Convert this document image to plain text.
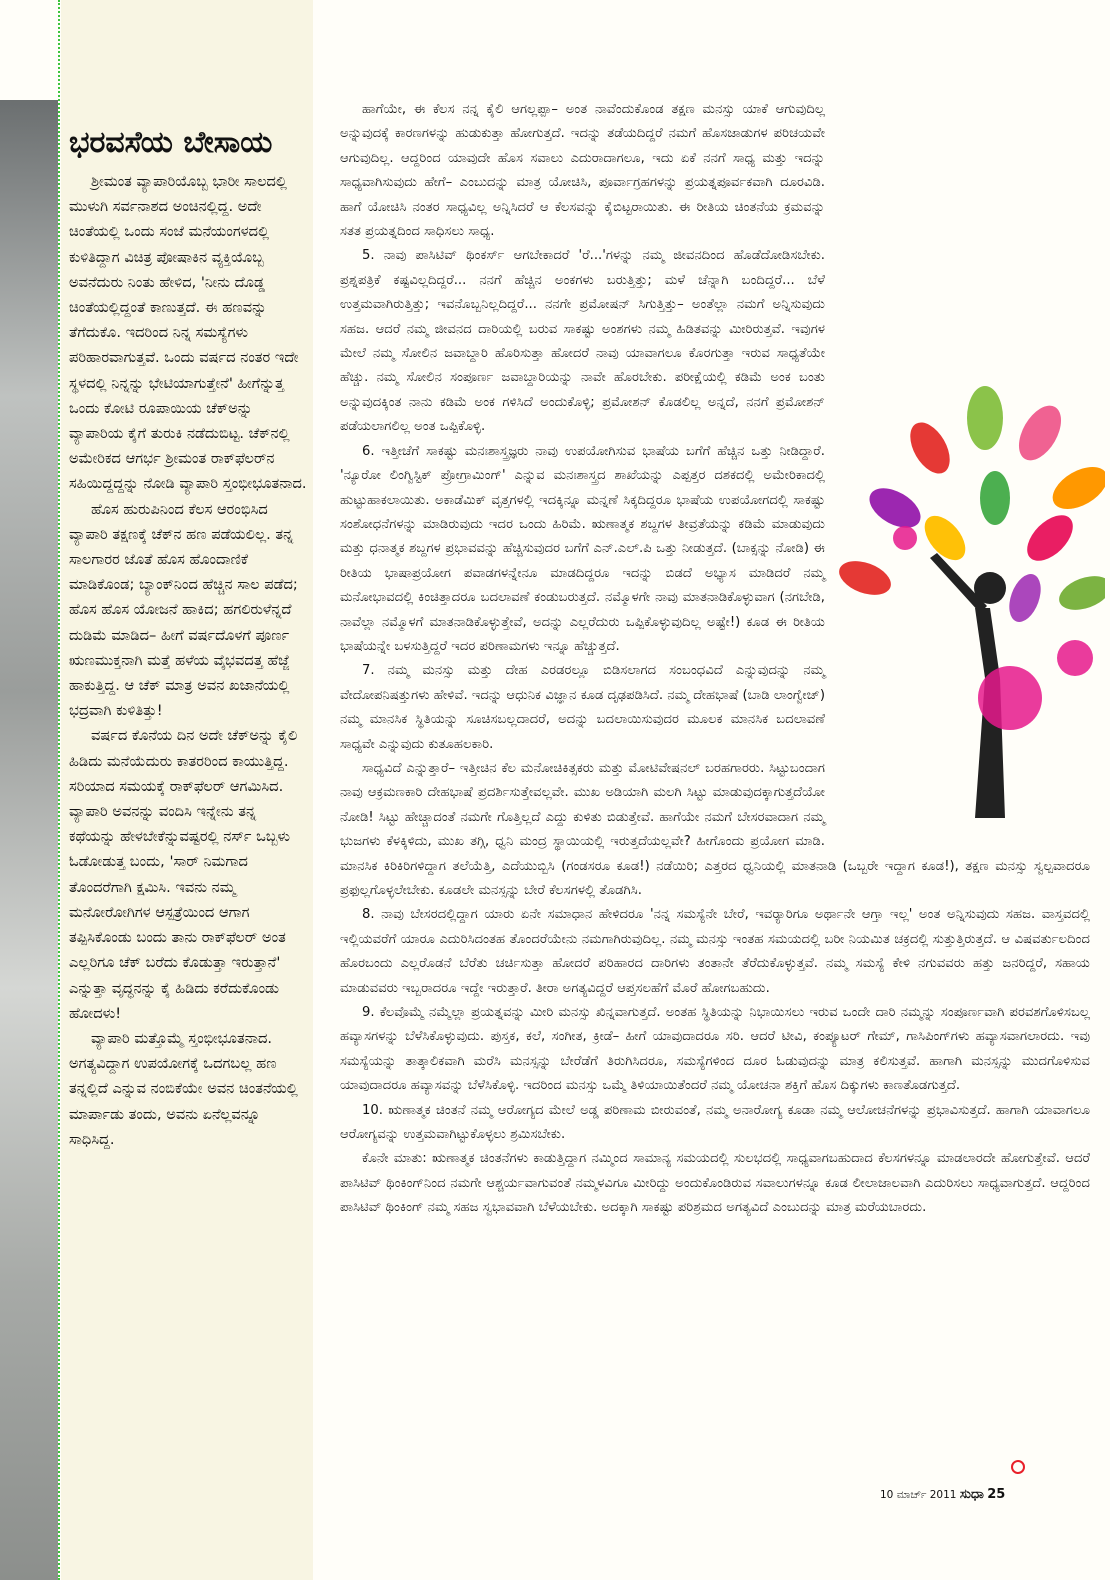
ಭರವಸೆಯ ಬೇಸಾಯ

ಶ್ರೀಮಂತ ವ್ಯಾಪಾರಿಯೊಬ್ಬ ಭಾರೀ ಸಾಲದಲ್ಲಿ ಮುಳುಗಿ ಸರ್ವನಾಶದ ಅಂಚಿನಲ್ಲಿದ್ದ. ಅದೇ ಚಿಂತೆಯಲ್ಲಿ ಒಂದು ಸಂಜೆ ಮನೆಯಂಗಳದಲ್ಲಿ ಕುಳಿತಿದ್ದಾಗ ವಿಚಿತ್ರ ಪೋಷಾಕಿನ ವ್ಯಕ್ತಿಯೊಬ್ಬ ಅವನೆದುರು ನಿಂತು ಹೇಳಿದ, 'ನೀನು ದೊಡ್ಡ ಚಿಂತೆಯಲ್ಲಿದ್ದಂತೆ ಕಾಣುತ್ತದೆ. ಈ ಹಣವನ್ನು ತೆಗೆದುಕೊ. ಇದರಿಂದ ನಿನ್ನ ಸಮಸ್ಯೆಗಳು ಪರಿಹಾರವಾಗುತ್ತವೆ. ಒಂದು ವರ್ಷದ ನಂತರ ಇದೇ ಸ್ಥಳದಲ್ಲಿ ನಿನ್ನನ್ನು ಭೇಟಿಯಾಗುತ್ತೇನೆ' ಹೀಗೆನ್ನುತ್ತ ಒಂದು ಕೋಟಿ ರೂಪಾಯಿಯ ಚೆಕ್‌ಅನ್ನು ವ್ಯಾಪಾರಿಯ ಕೈಗೆ ತುರುಕಿ ನಡೆದುಬಿಟ್ಟ. ಚೆಕ್‌ನಲ್ಲಿ ಅಮೇರಿಕದ ಆಗರ್ಭ ಶ್ರೀಮಂತ ರಾಕ್‌ಫೆಲರ್‌ನ ಸಹಿಯಿದ್ದದ್ದನ್ನು ನೋಡಿ ವ್ಯಾಪಾರಿ ಸ್ತಂಭೀಭೂತನಾದ.

ಹೊಸ ಹುರುಪಿನಿಂದ ಕೆಲಸ ಆರಂಭಿಸಿದ ವ್ಯಾಪಾರಿ ತಕ್ಷಣಕ್ಕೆ ಚೆಕ್‌ನ ಹಣ ಪಡೆಯಲಿಲ್ಲ. ತನ್ನ ಸಾಲಗಾರರ ಜೊತೆ ಹೊಸ ಹೊಂದಾಣಿಕೆ ಮಾಡಿಕೊಂಡ; ಬ್ಯಾಂಕ್‌ನಿಂದ ಹೆಚ್ಚಿನ ಸಾಲ ಪಡೆದ; ಹೊಸ ಹೊಸ ಯೋಜನೆ ಹಾಕಿದ; ಹಗಲಿರುಳೆನ್ನದೆ ದುಡಿಮೆ ಮಾಡಿದ– ಹೀಗೆ ವರ್ಷದೊಳಗೆ ಪೂರ್ಣ ಋಣಮುಕ್ತನಾಗಿ ಮತ್ತೆ ಹಳೆಯ ವೈಭವದತ್ತ ಹೆಜ್ಜೆ ಹಾಕುತ್ತಿದ್ದ. ಆ ಚೆಕ್ ಮಾತ್ರ ಅವನ ಖಜಾನೆಯಲ್ಲಿ ಭದ್ರವಾಗಿ ಕುಳಿತಿತ್ತು!

ವರ್ಷದ ಕೊನೆಯ ದಿನ ಅದೇ ಚೆಕ್‌ಅನ್ನು ಕೈಲಿ ಹಿಡಿದು ಮನೆಯೆದುರು ಕಾತರರಿಂದ ಕಾಯುತ್ತಿದ್ದ. ಸರಿಯಾದ ಸಮಯಕ್ಕೆ ರಾಕ್‌ಫೆಲರ್ ಆಗಮಿಸಿದ. ವ್ಯಾಪಾರಿ ಅವನನ್ನು ವಂದಿಸಿ ಇನ್ನೇನು ತನ್ನ ಕಥೆಯನ್ನು ಹೇಳಬೇಕೆನ್ನುವಷ್ಟರಲ್ಲಿ ನರ್ಸ್ ಒಬ್ಬಳು ಓಡೋಡುತ್ತ ಬಂದು, 'ಸಾರ್ ನಿಮಗಾದ ತೊಂದರೆಗಾಗಿ ಕ್ಷಮಿಸಿ. ಇವನು ನಮ್ಮ ಮನೋರೋಗಿಗಳ ಆಸ್ಪತ್ರೆಯಿಂದ ಆಗಾಗ ತಪ್ಪಿಸಿಕೊಂಡು ಬಂದು ತಾನು ರಾಕ್‌ಫೆಲರ್ ಅಂತ ಎಲ್ಲರಿಗೂ ಚೆಕ್ ಬರೆದು ಕೊಡುತ್ತಾ ಇರುತ್ತಾನೆ' ಎನ್ನುತ್ತಾ ವೃದ್ಧನನ್ನು ಕೈ ಹಿಡಿದು ಕರೆದುಕೊಂಡು ಹೋದಳು!

ವ್ಯಾಪಾರಿ ಮತ್ತೊಮ್ಮೆ ಸ್ತಂಭೀಭೂತನಾದ. ಅಗತ್ಯವಿದ್ದಾಗ ಉಪಯೋಗಕ್ಕೆ ಒದಗಬಲ್ಲ ಹಣ ತನ್ನಲ್ಲಿದೆ ಎನ್ನುವ ನಂಬಿಕೆಯೇ ಅವನ ಚಿಂತನೆಯಲ್ಲಿ ಮಾರ್ಪಾಡು ತಂದು, ಅವನು ಏನೆಲ್ಲವನ್ನೂ ಸಾಧಿಸಿದ್ದ.

ಹಾಗೆಯೇ, ಈ ಕೆಲಸ ನನ್ನ ಕೈಲಿ ಆಗಲ್ಲಪ್ಪಾ– ಅಂತ ನಾವೆಂದುಕೊಂಡ ತಕ್ಷಣ ಮನಸ್ಸು ಯಾಕೆ ಆಗುವುದಿಲ್ಲ ಅನ್ನುವುದಕ್ಕೆ ಕಾರಣಗಳನ್ನು ಹುಡುಕುತ್ತಾ ಹೋಗುತ್ತದೆ. ಇದನ್ನು ತಡೆಯದಿದ್ದರೆ ನಮಗೆ ಹೊಸಜಾಡುಗಳ ಪರಿಚಯವೇ ಆಗುವುದಿಲ್ಲ. ಆದ್ದರಿಂದ ಯಾವುದೇ ಹೊಸ ಸವಾಲು ಎದುರಾದಾಗಲೂ, ಇದು ಏಕೆ ನನಗೆ ಸಾಧ್ಯ ಮತ್ತು ಇದನ್ನು ಸಾಧ್ಯವಾಗಿಸುವುದು ಹೇಗೆ– ಎಂಬುದನ್ನು ಮಾತ್ರ ಯೋಚಿಸಿ, ಪೂರ್ವಾಗ್ರಹಗಳನ್ನು ಪ್ರಯತ್ನಪೂರ್ವಕವಾಗಿ ದೂರವಿಡಿ. ಹಾಗೆ ಯೋಚಿಸಿ ನಂತರ ಸಾಧ್ಯವಿಲ್ಲ ಅನ್ನಿಸಿದರೆ ಆ ಕೆಲಸವನ್ನು ಕೈಬಿಟ್ಟರಾಯಿತು. ಈ ರೀತಿಯ ಚಿಂತನೆಯ ಕ್ರಮವನ್ನು ಸತತ ಪ್ರಯತ್ನದಿಂದ ಸಾಧಿಸಲು ಸಾಧ್ಯ.

5. ನಾವು ಪಾಸಿಟಿವ್ ಥಿಂಕರ್ಸ್ ಆಗಬೇಕಾದರೆ 'ರೆ...'ಗಳನ್ನು ನಮ್ಮ ಜೀವನದಿಂದ ಹೊಡೆದೋಡಿಸಬೇಕು. ಪ್ರಶ್ನಪತ್ರಿಕೆ ಕಷ್ಟವಿಲ್ಲದಿದ್ದರೆ... ನನಗೆ ಹೆಚ್ಚಿನ ಅಂಕಗಳು ಬರುತ್ತಿತ್ತು; ಮಳೆ ಚೆನ್ನಾಗಿ ಬಂದಿದ್ದರೆ... ಬೆಳೆ ಉತ್ತಮವಾಗಿರುತ್ತಿತ್ತು; ಇವನೊಬ್ಬನಿಲ್ಲದಿದ್ದರೆ... ನನಗೇ ಪ್ರಮೋಷನ್ ಸಿಗುತ್ತಿತ್ತು– ಅಂತೆಲ್ಲಾ ನಮಗೆ ಅನ್ನಿಸುವುದು ಸಹಜ. ಆದರೆ ನಮ್ಮ ಜೀವನದ ದಾರಿಯಲ್ಲಿ ಬರುವ ಸಾಕಷ್ಟು ಅಂಶಗಳು ನಮ್ಮ ಹಿಡಿತವನ್ನು ಮೀರಿರುತ್ತವೆ. ಇವುಗಳ ಮೇಲೆ ನಮ್ಮ ಸೋಲಿನ ಜವಾಬ್ದಾರಿ ಹೊರಿಸುತ್ತಾ ಹೋದರೆ ನಾವು ಯಾವಾಗಲೂ ಕೊರಗುತ್ತಾ ಇರುವ ಸಾಧ್ಯತೆಯೇ ಹೆಚ್ಚು. ನಮ್ಮ ಸೋಲಿನ ಸಂಪೂರ್ಣ ಜವಾಬ್ದಾರಿಯನ್ನು ನಾವೇ ಹೊರಬೇಕು. ಪರೀಕ್ಷೆಯಲ್ಲಿ ಕಡಿಮೆ ಅಂಕ ಬಂತು ಅನ್ನುವುದಕ್ಕಿಂತ ನಾನು ಕಡಿಮೆ ಅಂಕ ಗಳಿಸಿದೆ ಅಂದುಕೊಳ್ಳಿ; ಪ್ರಮೋಶನ್ ಕೊಡಲಿಲ್ಲ ಅನ್ನದೆ, ನನಗೆ ಪ್ರಮೋಶನ್ ಪಡೆಯಲಾಗಲಿಲ್ಲ ಅಂತ ಒಪ್ಪಿಕೊಳ್ಳಿ.

6. ಇತ್ತೀಚೆಗೆ ಸಾಕಷ್ಟು ಮನಃಶಾಸ್ತ್ರಜ್ಞರು ನಾವು ಉಪಯೋಗಿಸುವ ಭಾಷೆಯ ಬಗೆಗೆ ಹೆಚ್ಚಿನ ಒತ್ತು ನೀಡಿದ್ದಾರೆ. 'ನ್ಯೂರೋ ಲಿಂಗ್ವಿಸ್ಟಿಕ್ ಪ್ರೋಗ್ರಾಮಿಂಗ್' ಎನ್ನುವ ಮನಃಶಾಸ್ತ್ರದ ಶಾಖೆಯನ್ನು ಎಪ್ಪತ್ತರ ದಶಕದಲ್ಲಿ ಅಮೇರಿಕಾದಲ್ಲಿ ಹುಟ್ಟುಹಾಕಲಾಯಿತು. ಅಕಾಡೆಮಿಕ್ ವೃತ್ತಗಳಲ್ಲಿ ಇದಕ್ಕಿನ್ನೂ ಮನ್ನಣೆ ಸಿಕ್ಕದಿದ್ದರೂ ಭಾಷೆಯ ಉಪಯೋಗದಲ್ಲಿ ಸಾಕಷ್ಟು ಸಂಶೋಧನೆಗಳನ್ನು ಮಾಡಿರುವುದು ಇದರ ಒಂದು ಹಿರಿಮೆ. ಋಣಾತ್ಮಕ ಶಬ್ದಗಳ ತೀವ್ರತೆಯನ್ನು ಕಡಿಮೆ ಮಾಡುವುದು ಮತ್ತು ಧನಾತ್ಮಕ ಶಬ್ದಗಳ ಪ್ರಭಾವವನ್ನು ಹೆಚ್ಚಿಸುವುದರ ಬಗೆಗೆ ಎನ್.ಎಲ್.ಪಿ ಒತ್ತು ನೀಡುತ್ತದೆ. (ಬಾಕ್ಸನ್ನು ನೋಡಿ) ಈ ರೀತಿಯ ಭಾಷಾಪ್ರಯೋಗ ಪವಾಡಗಳನ್ನೇನೂ ಮಾಡದಿದ್ದರೂ ಇದನ್ನು ಬಿಡದೆ ಅಭ್ಯಾಸ ಮಾಡಿದರೆ ನಮ್ಮ ಮನೋಭಾವದಲ್ಲಿ ಕಿಂಚಿತ್ತಾದರೂ ಬದಲಾವಣೆ ಕಂಡುಬರುತ್ತದೆ. ನಮ್ಮೊಳಗೇ ನಾವು ಮಾತನಾಡಿಕೊಳ್ಳುವಾಗ (ನಗಬೇಡಿ, ನಾವೆಲ್ಲಾ ನಮ್ಮೊಳಗೆ ಮಾತನಾಡಿಕೊಳ್ಳುತ್ತೇವೆ, ಅದನ್ನು ಎಲ್ಲರೆದುರು ಒಪ್ಪಿಕೊಳ್ಳುವುದಿಲ್ಲ ಅಷ್ಟೇ!) ಕೂಡ ಈ ರೀತಿಯ ಭಾಷೆಯನ್ನೇ ಬಳಸುತ್ತಿದ್ದರೆ ಇದರ ಪರಿಣಾಮಗಳು ಇನ್ನೂ ಹೆಚ್ಚುತ್ತದೆ.

7. ನಮ್ಮ ಮನಸ್ಸು ಮತ್ತು ದೇಹ ಎರಡರಲ್ಲೂ ಬಿಡಿಸಲಾಗದ ಸಂಬಂಧವಿದೆ ಎನ್ನುವುದನ್ನು ನಮ್ಮ ವೇದೋಪನಿಷತ್ತುಗಳು ಹೇಳಿವೆ. ಇದನ್ನು ಆಧುನಿಕ ವಿಜ್ಞಾನ ಕೂಡ ದೃಢಪಡಿಸಿದೆ. ನಮ್ಮ ದೇಹಭಾಷೆ (ಬಾಡಿ ಲಾಂಗ್ವೇಜ್) ನಮ್ಮ ಮಾನಸಿಕ ಸ್ಥಿತಿಯನ್ನು ಸೂಚಿಸಬಲ್ಲದಾದರೆ, ಅದನ್ನು ಬದಲಾಯಿಸುವುದರ ಮೂಲಕ ಮಾನಸಿಕ ಬದಲಾವಣೆ ಸಾಧ್ಯವೇ ಎನ್ನುವುದು ಕುತೂಹಲಕಾರಿ.

ಸಾಧ್ಯವಿದೆ ಎನ್ನುತ್ತಾರೆ– ಇತ್ತೀಚಿನ ಕೆಲ ಮನೋಚಿಕಿತ್ಸಕರು ಮತ್ತು ಮೋಟಿವೇಷನಲ್ ಬರಹಗಾರರು. ಸಿಟ್ಟುಬಂದಾಗ ನಾವು ಆಕ್ರಮಣಕಾರಿ ದೇಹಭಾಷೆ ಪ್ರದರ್ಶಿಸುತ್ತೇವಲ್ಲವೇ. ಮುಖ ಅಡಿಯಾಗಿ ಮಲಗಿ ಸಿಟ್ಟು ಮಾಡುವುದಕ್ಕಾಗುತ್ತದೆಯೋ ನೋಡಿ! ಸಿಟ್ಟು ಹೇಚ್ಚಾದಂತೆ ನಮಗೇ ಗೊತ್ತಿಲ್ಲದೆ ಎದ್ದು ಕುಳಿತು ಬಿಡುತ್ತೇವೆ. ಹಾಗೆಯೇ ನಮಗೆ ಬೇಸರವಾದಾಗ ನಮ್ಮ ಭುಜಗಳು ಕೆಳಕ್ಕಿಳಿದು, ಮುಖ ತಗ್ಗಿ, ಧ್ವನಿ ಮಂದ್ರ ಸ್ಥಾಯಿಯಲ್ಲಿ ಇರುತ್ತದೆಯಲ್ಲವೇ? ಹೀಗೊಂದು ಪ್ರಯೋಗ ಮಾಡಿ. ಮಾನಸಿಕ ಕಿರಿಕಿರಿಗಳಿದ್ದಾಗ ತಲೆಯೆತ್ತಿ, ಎದೆಯುಬ್ಬಿಸಿ (ಗಂಡಸರೂ ಕೂಡ!) ನಡೆಯಿರಿ; ಎತ್ತರದ ಧ್ವನಿಯಲ್ಲಿ ಮಾತನಾಡಿ (ಒಬ್ಬರೇ ಇದ್ದಾಗ ಕೂಡ!), ತಕ್ಷಣ ಮನಸ್ಸು ಸ್ವಲ್ಪವಾದರೂ ಪ್ರಫುಲ್ಲಗೊಳ್ಳಲೇಬೇಕು. ಕೂಡಲೇ ಮನಸ್ಸನ್ನು ಬೇರೆ ಕೆಲಸಗಳಲ್ಲಿ ತೊಡಗಿಸಿ.

8. ನಾವು ಬೇಸರದಲ್ಲಿದ್ದಾಗ ಯಾರು ಏನೇ ಸಮಾಧಾನ ಹೇಳಿದರೂ 'ನನ್ನ ಸಮಸ್ಯೆನೇ ಬೇರೆ, ಇವರ್‍ಯಾರಿಗೂ ಅರ್ಥಾನೇ ಆಗ್ತಾ ಇಲ್ಲ' ಅಂತ ಅನ್ನಿಸುವುದು ಸಹಜ. ವಾಸ್ತವದಲ್ಲಿ ಇಲ್ಲಿಯವರೆಗೆ ಯಾರೂ ಎದುರಿಸಿದಂತಹ ತೊಂದರೆಯೇನು ನಮಗಾಗಿರುವುದಿಲ್ಲ. ನಮ್ಮ ಮನಸ್ಸು ಇಂತಹ ಸಮಯದಲ್ಲಿ ಬರೀ ನಿಯಮಿತ ಚಕ್ರದಲ್ಲಿ ಸುತ್ತುತ್ತಿರುತ್ತದೆ. ಆ ವಿಷವರ್ತುಲದಿಂದ ಹೊರಬಂದು ಎಲ್ಲರೊಡನೆ ಬೆರೆತು ಚರ್ಚಿಸುತ್ತಾ ಹೋದರೆ ಪರಿಹಾರದ ದಾರಿಗಳು ತಂತಾನೇ ತೆರೆದುಕೊಳ್ಳುತ್ತವೆ. ನಮ್ಮ ಸಮಸ್ಯೆ ಕೇಳಿ ನಗುವವರು ಹತ್ತು ಜನರಿದ್ದರೆ, ಸಹಾಯ ಮಾಡುವವರು ಇಬ್ಬರಾದರೂ ಇದ್ದೇ ಇರುತ್ತಾರೆ. ತೀರಾ ಅಗತ್ಯವಿದ್ದರೆ ಆಪ್ತಸಲಹೆಗೆ ಮೊರೆ ಹೋಗಬಹುದು.

9. ಕೆಲವೊಮ್ಮೆ ನಮ್ಮೆಲ್ಲಾ ಪ್ರಯತ್ನವನ್ನು ಮೀರಿ ಮನಸ್ಸು ಖಿನ್ನವಾಗುತ್ತದೆ. ಅಂತಹ ಸ್ಥಿತಿಯನ್ನು ನಿಭಾಯಿಸಲು ಇರುವ ಒಂದೇ ದಾರಿ ನಮ್ಮನ್ನು ಸಂಪೂರ್ಣವಾಗಿ ಪರವಶಗೊಳಿಸಬಲ್ಲ ಹವ್ಯಾಸಗಳನ್ನು ಬೆಳೆಸಿಕೊಳ್ಳುವುದು. ಪುಸ್ತಕ, ಕಲೆ, ಸಂಗೀತ, ಕ್ರೀಡೆ– ಹೀಗೆ ಯಾವುದಾದರೂ ಸರಿ. ಆದರೆ ಟೀವಿ, ಕಂಪ್ಯೂಟರ್ ಗೇಮ್, ಗಾಸಿಪಿಂಗ್‌ಗಳು ಹವ್ಯಾಸವಾಗಲಾರದು. ಇವು ಸಮಸ್ಯೆಯನ್ನು ತಾತ್ಕಾಲಿಕವಾಗಿ ಮರೆಸಿ ಮನಸ್ಸನ್ನು ಬೇರೆಡೆಗೆ ತಿರುಗಿಸಿದರೂ, ಸಮಸ್ಯೆಗಳಿಂದ ದೂರ ಓಡುವುದನ್ನು ಮಾತ್ರ ಕಲಿಸುತ್ತವೆ. ಹಾಗಾಗಿ ಮನಸ್ಸನ್ನು ಮುದಗೊಳಿಸುವ ಯಾವುದಾದರೂ ಹವ್ಯಾಸವನ್ನು ಬೆಳೆಸಿಕೊಳ್ಳಿ. ಇದರಿಂದ ಮನಸ್ಸು ಒಮ್ಮೆ ತಿಳಿಯಾಯಿತೆಂದರೆ ನಮ್ಮ ಯೋಚನಾ ಶಕ್ತಿಗೆ ಹೊಸ ದಿಕ್ಕುಗಳು ಕಾಣತೊಡಗುತ್ತದೆ.

10. ಋಣಾತ್ಮಕ ಚಿಂತನೆ ನಮ್ಮ ಆರೋಗ್ಯದ ಮೇಲೆ ಅಡ್ಡ ಪರಿಣಾಮ ಬೀರುವಂತೆ, ನಮ್ಮ ಅನಾರೋಗ್ಯ ಕೂಡಾ ನಮ್ಮ ಆಲೋಚನೆಗಳನ್ನು ಪ್ರಭಾವಿಸುತ್ತದೆ. ಹಾಗಾಗಿ ಯಾವಾಗಲೂ ಆರೋಗ್ಯವನ್ನು ಉತ್ತಮವಾಗಿಟ್ಟುಕೊಳ್ಳಲು ಶ್ರಮಿಸಬೇಕು.

ಕೊನೇ ಮಾತು: ಋಣಾತ್ಮಕ ಚಿಂತನೆಗಳು ಕಾಡುತ್ತಿದ್ದಾಗ ನಮ್ಮಿಂದ ಸಾಮಾನ್ಯ ಸಮಯದಲ್ಲಿ ಸುಲಭದಲ್ಲಿ ಸಾಧ್ಯವಾಗಬಹುದಾದ ಕೆಲಸಗಳನ್ನೂ ಮಾಡಲಾರದೇ ಹೋಗುತ್ತೇವೆ. ಆದರೆ ಪಾಸಿಟಿವ್ ಥಿಂಕಿಂಗ್‌ನಿಂದ ನಮಗೇ ಆಶ್ಚರ್ಯವಾಗುವಂತೆ ನಮ್ಮಳವಿಗೂ ಮೀರಿದ್ದು ಅಂದುಕೊಂಡಿರುವ ಸವಾಲುಗಳನ್ನೂ ಕೂಡ ಲೀಲಾಜಾಲವಾಗಿ ಎದುರಿಸಲು ಸಾಧ್ಯವಾಗುತ್ತದೆ. ಆದ್ದರಿಂದ ಪಾಸಿಟಿವ್ ಥಿಂಕಿಂಗ್ ನಮ್ಮ ಸಹಜ ಸ್ವಭಾವವಾಗಿ ಬೆಳೆಯಬೇಕು. ಅದಕ್ಕಾಗಿ ಸಾಕಷ್ಟು ಪರಿಶ್ರಮದ ಅಗತ್ಯವಿದೆ ಎಂಬುದನ್ನು ಮಾತ್ರ ಮರೆಯಬಾರದು.

10 ಮಾರ್ಚ್ 2011 ಸುಧಾ 25
